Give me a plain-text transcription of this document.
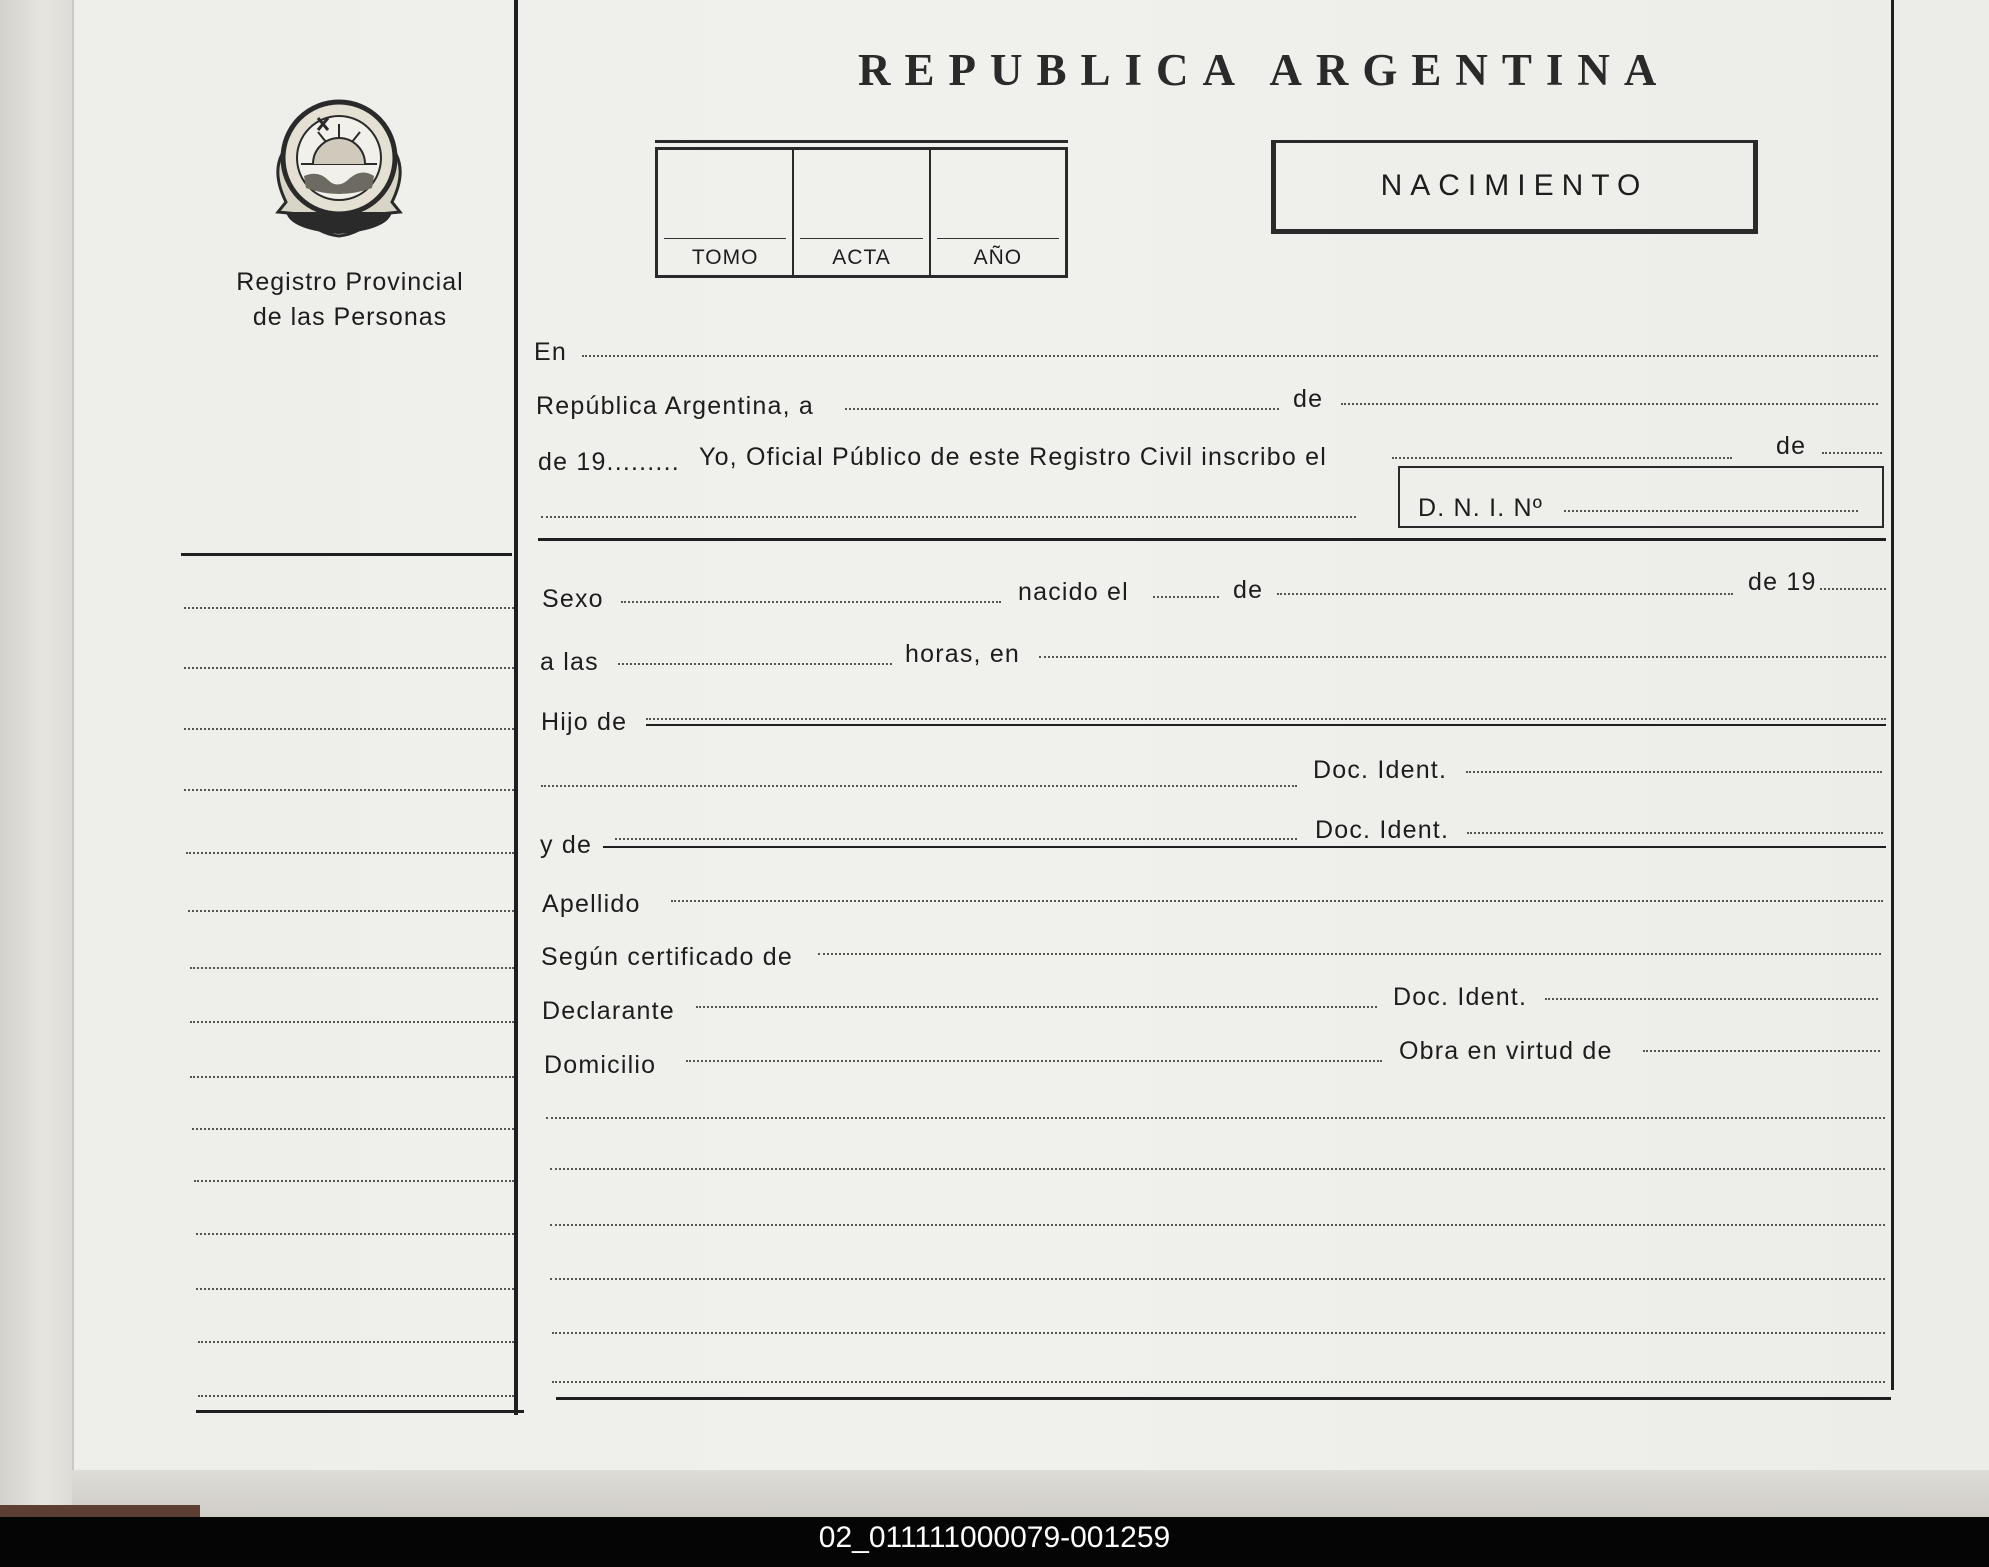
Registro Provincial
de las Personas
REPUBLICA ARGENTINA
TOMO	ACTA	AÑO
NACIMIENTO
En
República Argentina, a	de
de 19......... Yo, Oficial Público de este Registro Civil inscribo el	de
D. N. I. Nº
Sexo	nacido el	de	de 19
a las	horas, en
Hijo de
Doc. Ident.
y de
Doc. Ident.
Apellido
Según certificado de
Declarante	Doc. Ident.
Domicilio	Obra en virtud de
02_011111000079-001259
